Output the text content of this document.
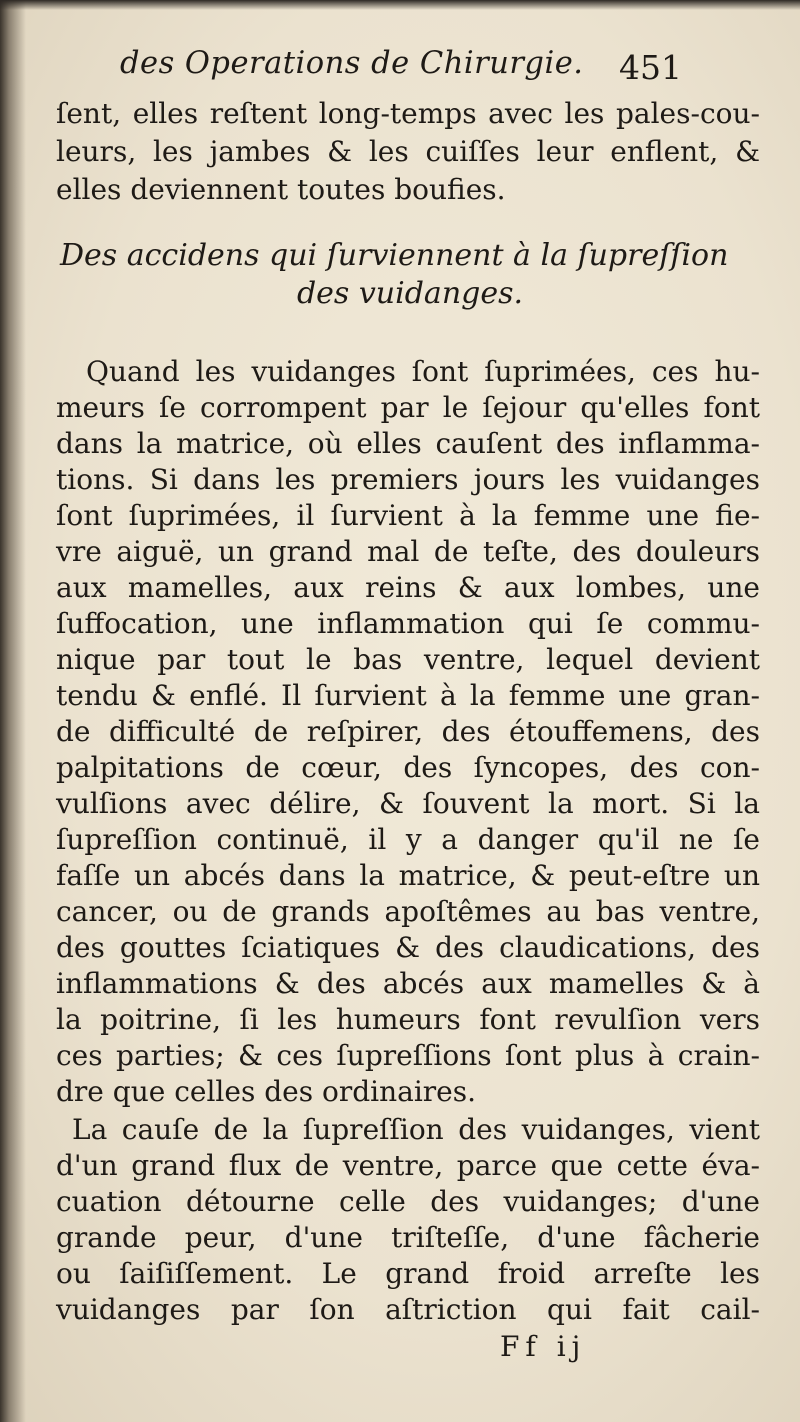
des Operations de Chirurgie. 451
ſent, elles reſtent long-temps avec les pales-cou-
leurs, les jambes & les cuiſſes leur enflent, &
elles deviennent toutes boufies.
Des accidens qui ſurviennent à la ſupreſſion
des vuidanges.
Quand les vuidanges ſont ſuprimées, ces hu-
meurs ſe corrompent par le ſejour qu'elles font
dans la matrice, où elles cauſent des inflamma-
tions. Si dans les premiers jours les vuidanges
ſont ſuprimées, il ſurvient à la femme une fie-
vre aiguë, un grand mal de teſte, des douleurs
aux mamelles, aux reins & aux lombes, une
ſuffocation, une inflammation qui ſe commu-
nique par tout le bas ventre, lequel devient
tendu & enflé. Il ſurvient à la femme une gran-
de difficulté de reſpirer, des étouffemens, des
palpitations de cœur, des ſyncopes, des con-
vulſions avec délire, & ſouvent la mort. Si la
ſupreſſion continuë, il y a danger qu'il ne ſe
faſſe un abcés dans la matrice, & peut-eſtre un
cancer, ou de grands apoſtêmes au bas ventre,
des gouttes ſciatiques & des claudications, des
inflammations & des abcés aux mamelles & à
la poitrine, ſi les humeurs font revulſion vers
ces parties; & ces ſupreſſions ſont plus à crain-
dre que celles des ordinaires.
La cauſe de la ſupreſſion des vuidanges, vient
d'un grand flux de ventre, parce que cette éva-
cuation détourne celle des vuidanges; d'une
grande peur, d'une triſteſſe, d'une fâcherie
ou ſaiſiſſement. Le grand froid arreſte les
vuidanges par ſon aſtriction qui fait cail-
Ff ij
